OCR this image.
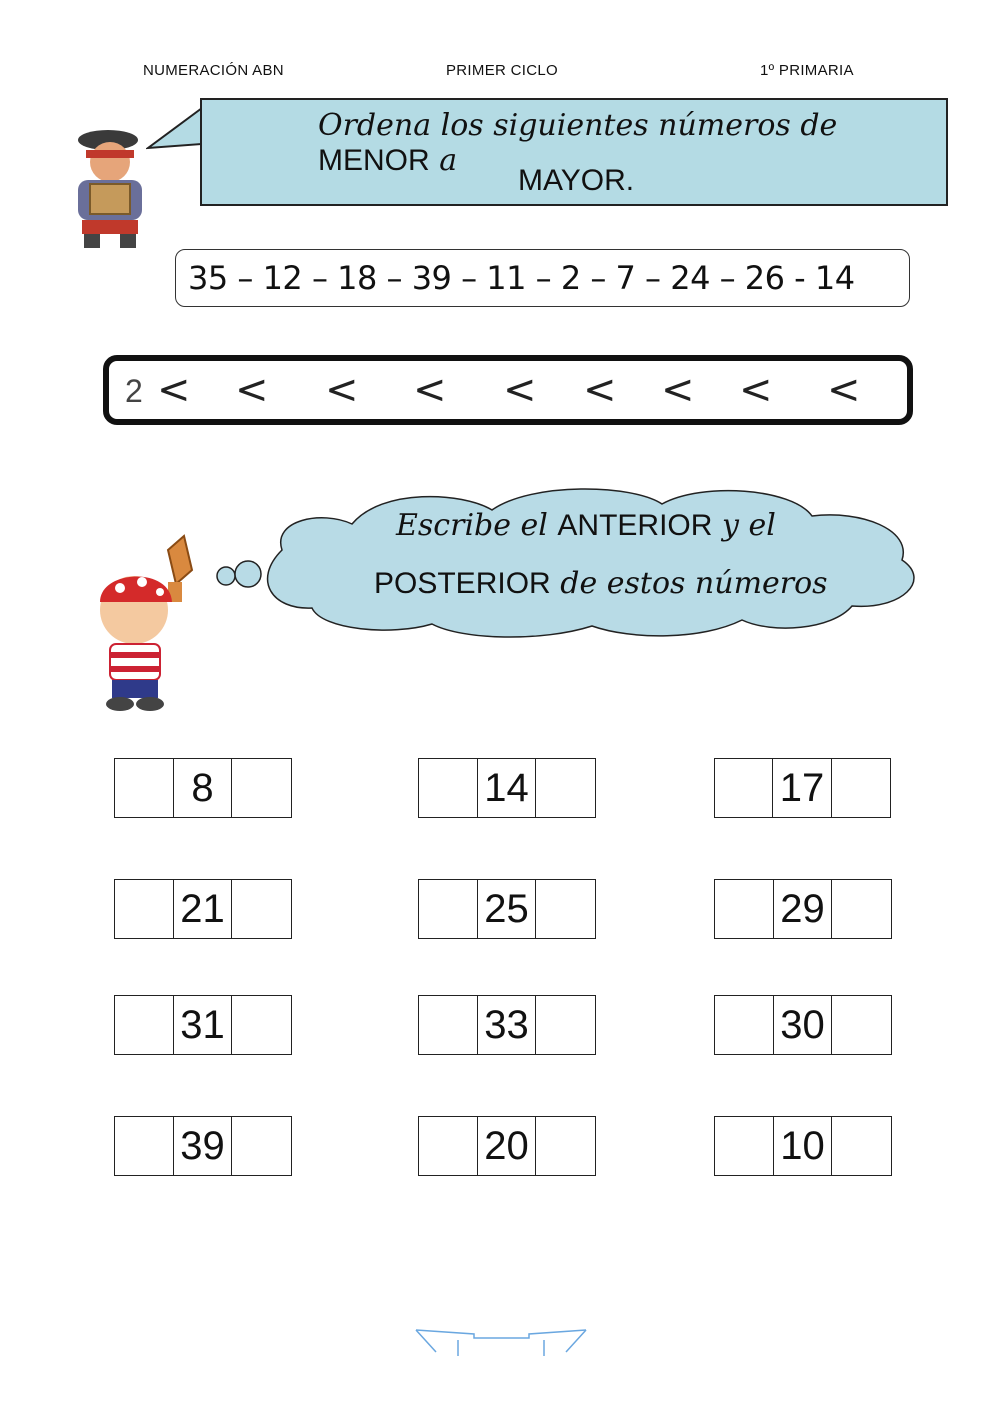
NUMERACIÓN ABN	PRIMER CICLO	1º PRIMARIA
Ordena los siguientes números de MENOR a
MAYOR.
35 – 12 – 18 – 39 – 11 – 2 – 7 – 24 – 26 - 14
2 < < < < < < < < <
Escribe el ANTERIOR y el
POSTERIOR de estos números
8	14	17
21	25	29
31	33	30
39	20	10
